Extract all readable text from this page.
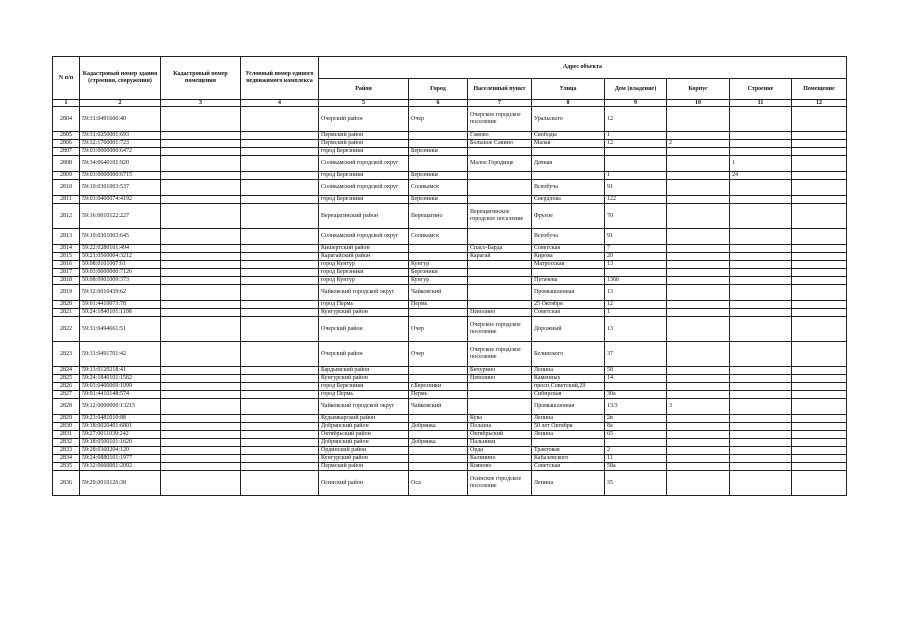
N п/п	Кадастровый номер здания (строения, сооружения)	Кадастровый номер помещения	Условный номер единого недвижимого комплекса	Адрес объекта							
				Район	Город	Населенный пункт	Улица	Дом (владение)	Корпус	Строение	Помещение
1	2	3	4	5	6	7	8	9	10	11	12
2804	59:31:0491606:40			Очерский район	Очер	Очерское городское поселение	Уральского	12			
2805	59:31:0250001:693			Пермский район		Гамово	Свободы	1			
2806	59:32:1760001:723			Пермский район		Большое Савино	Малая	12	2		
2807	59:03:0000000:6472			город Березники	Березники						
2808	59:34:0640101:920			Соликамский городской округ		Малое Городище	Дачная			1	
2809	59:03:0000000:6715			город Березники	Березники			1		24	
2810	59:10:0301003:537			Соликамский городской округ	Соликамск		Всеобуча	91			
2811	59:03:0400074:4192			город Березники	Березники		Свердлова	122			
2812	59:16:0010122:227			Верещагинский район	Верещагино	Верещагинское городское поселение	Фрунзе	70			
2813	59:10:0301003:645			Соликамский городской округ	Соликамск		Всеобуча	91			
2814	59:22:0280101:494			Кишертский район		Спасо-Барда	Советская	7			
2815	59:21:0560004:3212			Карагайский район		Карагай	Кирова	20			
2816	59:08:0101007:61			город Кунгур	Кунгур		Матросская	13			
2817	59:03:0000000:7126			город Березники	Березники						
2818	59:08:0901009:373			город Кунгур	Кунгур		Пугачева	136б			
2819	59:12:0010439:62			Чайковский городской округ	Чайковский		Промышленная	13			
2820	59:01:4410073:78			город Пермь	Пермь		25 Октября	12			
2821	59:24:1840101:1108			Кунгурский район		Неволино	Советская	1			
2822	59:31:0494661:51			Очерский район	Очер	Очерское городское поселение	Дорожный	13			
2823	59:31:0491701:42			Очерский район	Очер	Очерское городское поселение	Белинского	37			
2824	59:13:0120218:41			Бардымский район		Бичурино	Ленина	58			
2825	59:24:1840101:1562			Кунгурский район		Неволино	Каменных	14			
2826	59:03:0400069:1099			город Березники	г.Березники		просп.Советский,29				
2827	59:01:4410148:574			город Пермь	Пермь		Сибирская	30а			
2828	59:12:0000000:13215			Чайковский городской округ	Чайковский		Промышленная	13/3	3		
2829	59:23:0481010:88			Кудымкарский район		Кува	Ленина	2в			
2830	59:18:0020401:6801			Добрянский район	Добрянка	Полазна	50 лет Октября	8а			
2831	59:27:0011039:242			Октябрьский район		Октябрьский	Ленина	65			
2832	59:18:0500101:1620			Добрянский район	Добрянка	Пальники					
2833	59:28:0360204:120			Ординский район		Орда	Трактовая	2			
2834	59:24:0880101:1977			Кунгурский район		Калинино	Кабалевского	11			
2835	59:32:0660001:2092			Пермский район		Кояново	Советская	58а			
2836	59:29:0010126:38			Осинский район	Оса	Осинское городское поселение	Ленина	35			
